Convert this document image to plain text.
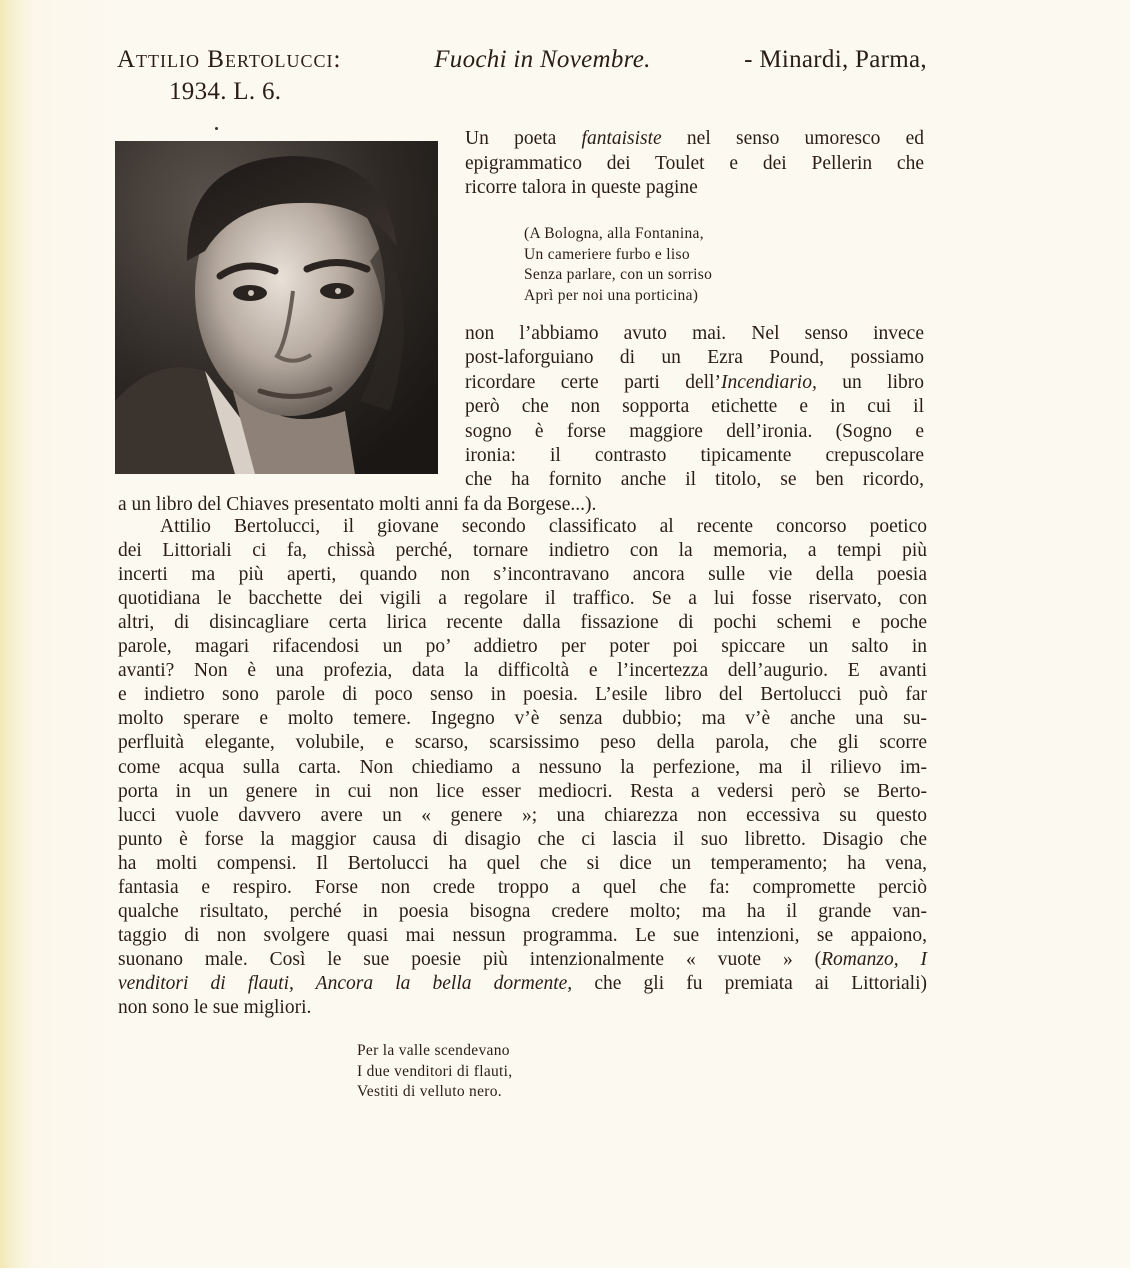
Attilio Bertolucci:	Fuochi in Novembre.	- Minardi, Parma,
1934. L. 6.
Un poeta fantaisiste nel senso umoresco ed
epigrammatico dei Toulet e dei Pellerin che
ricorre talora in queste pagine
(A Bologna, alla Fontanina,
Un cameriere furbo e liso
Senza parlare, con un sorriso
Aprì per noi una porticina)
non l’abbiamo avuto mai. Nel senso invece
post-laforguiano di un Ezra Pound, possiamo
ricordare certe parti dell’Incendiario, un libro
però che non sopporta etichette e in cui il
sogno è forse maggiore dell’ironia. (Sogno e
ironia: il contrasto tipicamente crepuscolare
che ha fornito anche il titolo, se ben ricordo,
a un libro del Chiaves presentato molti anni fa da Borgese...).
Attilio Bertolucci, il giovane secondo classificato al recente concorso poetico
dei Littoriali ci fa, chissà perché, tornare indietro con la memoria, a tempi più
incerti ma più aperti, quando non s’incontravano ancora sulle vie della poesia
quotidiana le bacchette dei vigili a regolare il traffico. Se a lui fosse riservato, con
altri, di disincagliare certa lirica recente dalla fissazione di pochi schemi e poche
parole, magari rifacendosi un po’ addietro per poter poi spiccare un salto in
avanti? Non è una profezia, data la difficoltà e l’incertezza dell’augurio. E avanti
e indietro sono parole di poco senso in poesia. L’esile libro del Bertolucci può far
molto sperare e molto temere. Ingegno v’è senza dubbio; ma v’è anche una su-
perfluità elegante, volubile, e scarso, scarsissimo peso della parola, che gli scorre
come acqua sulla carta. Non chiediamo a nessuno la perfezione, ma il rilievo im-
porta in un genere in cui non lice esser mediocri. Resta a vedersi però se Berto-
lucci vuole davvero avere un « genere »; una chiarezza non eccessiva su questo
punto è forse la maggior causa di disagio che ci lascia il suo libretto. Disagio che
ha molti compensi. Il Bertolucci ha quel che si dice un temperamento; ha vena,
fantasia e respiro. Forse non crede troppo a quel che fa: compromette perciò
qualche risultato, perché in poesia bisogna credere molto; ma ha il grande van-
taggio di non svolgere quasi mai nessun programma. Le sue intenzioni, se appaiono,
suonano male. Così le sue poesie più intenzionalmente « vuote » (Romanzo, I
venditori di flauti, Ancora la bella dormente, che gli fu premiata ai Littoriali)
non sono le sue migliori.
Per la valle scendevano
I due venditori di flauti,
Vestiti di velluto nero.
